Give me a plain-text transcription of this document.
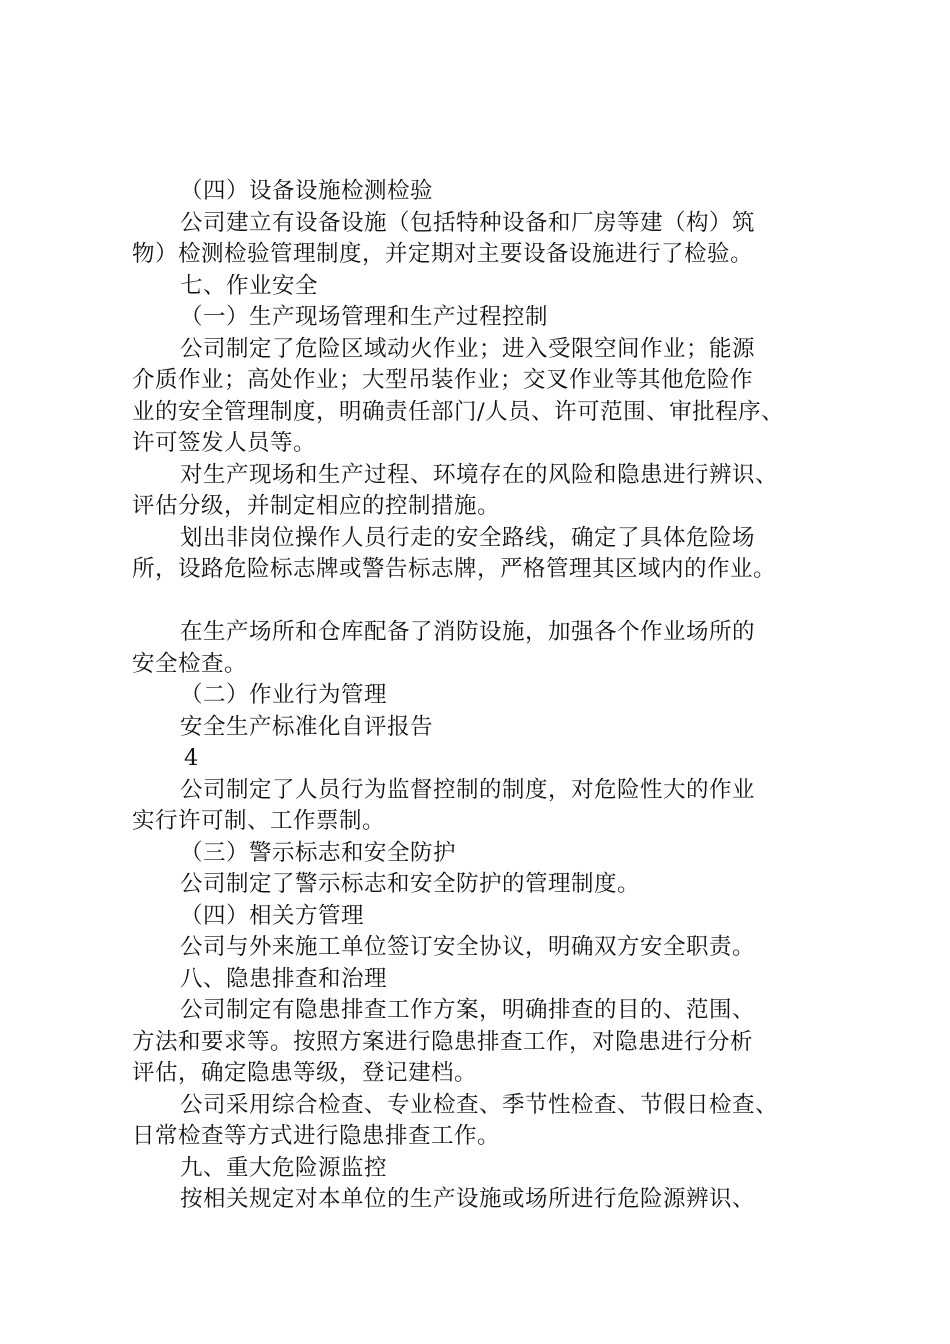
（四）设备设施检测检验
公司建立有设备设施（包括特种设备和厂房等建（构）筑
物）检测检验管理制度，并定期对主要设备设施进行了检验。
七、作业安全
（一）生产现场管理和生产过程控制
公司制定了危险区域动火作业；进入受限空间作业；能源
介质作业；高处作业；大型吊装作业；交叉作业等其他危险作
业的安全管理制度，明确责任部门/人员、许可范围、审批程序、
许可签发人员等。
对生产现场和生产过程、环境存在的风险和隐患进行辨识、
评估分级，并制定相应的控制措施。
划出非岗位操作人员行走的安全路线，确定了具体危险场
所，设路危险标志牌或警告标志牌，严格管理其区域内的作业。
在生产场所和仓库配备了消防设施，加强各个作业场所的
安全检查。
（二）作业行为管理
安全生产标准化自评报告
4
公司制定了人员行为监督控制的制度，对危险性大的作业
实行许可制、工作票制。
（三）警示标志和安全防护
公司制定了警示标志和安全防护的管理制度。
（四）相关方管理
公司与外来施工单位签订安全协议，明确双方安全职责。
八、隐患排查和治理
公司制定有隐患排查工作方案，明确排查的目的、范围、
方法和要求等。按照方案进行隐患排查工作，对隐患进行分析
评估，确定隐患等级，登记建档。
公司采用综合检查、专业检查、季节性检查、节假日检查、
日常检查等方式进行隐患排查工作。
九、重大危险源监控
按相关规定对本单位的生产设施或场所进行危险源辨识、
